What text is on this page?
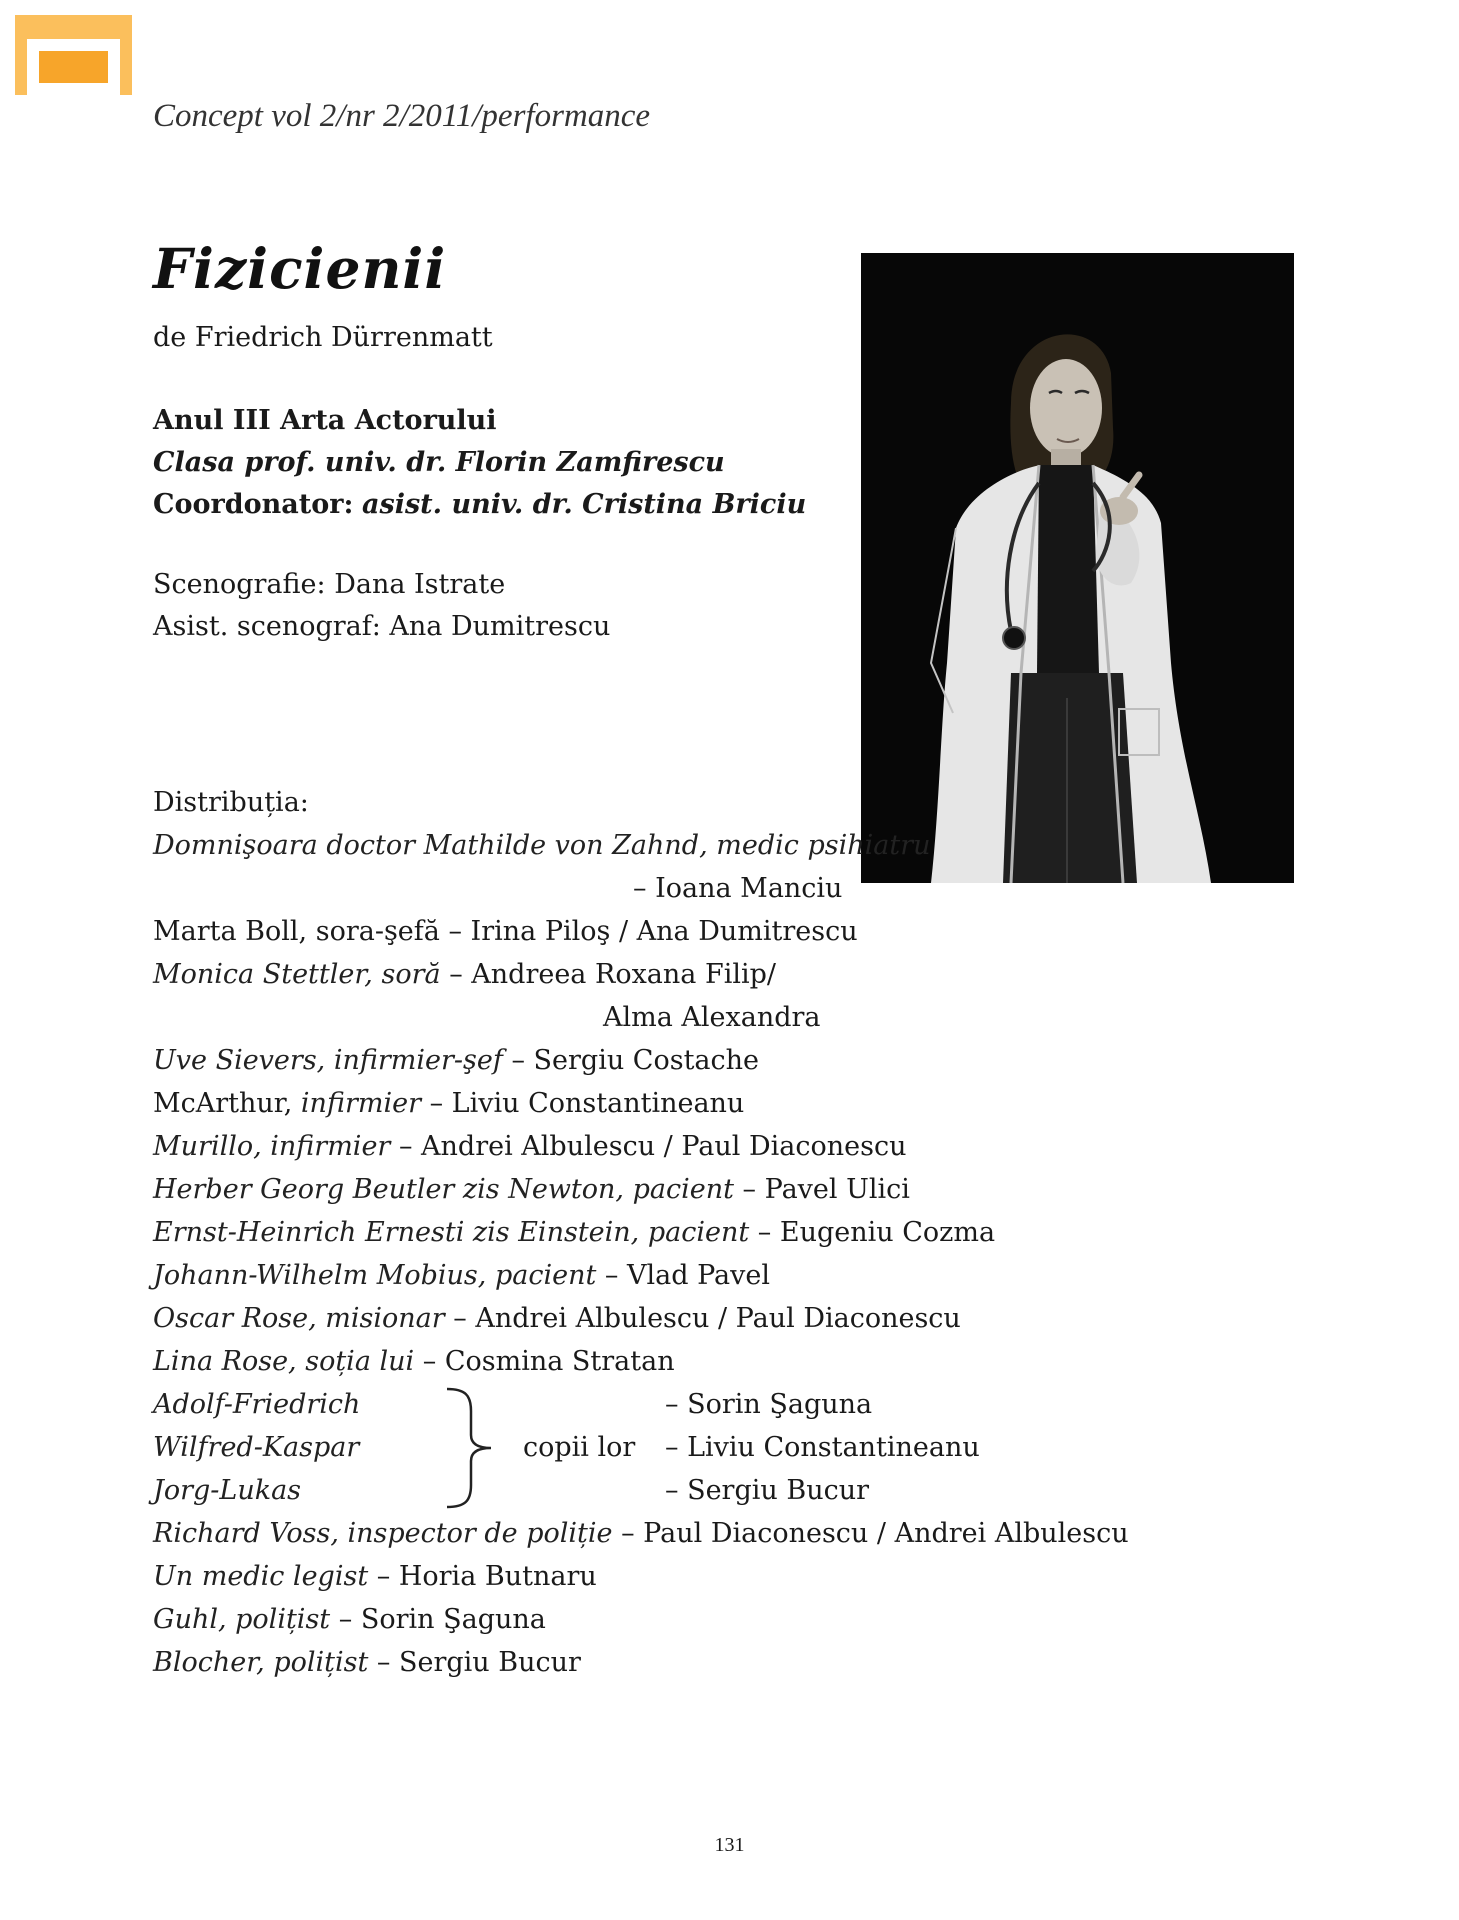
Concept vol 2/nr 2/2011/performance
Fizicienii
de Friedrich Dürrenmatt
Anul III Arta Actorului
Clasa prof. univ. dr. Florin Zamfirescu
Coordonator: asist. univ. dr. Cristina Briciu
Scenografie: Dana Istrate
Asist. scenograf: Ana Dumitrescu
Distribuția:
Domnişoara doctor Mathilde von Zahnd, medic psihiatru
– Ioana Manciu
Marta Boll, sora-şefă – Irina Piloş / Ana Dumitrescu
Monica Stettler, soră – Andreea Roxana Filip/
Alma Alexandra
Uve Sievers, infirmier-şef – Sergiu Costache
McArthur, infirmier – Liviu Constantineanu
Murillo, infirmier – Andrei Albulescu / Paul Diaconescu
Herber Georg Beutler zis Newton, pacient – Pavel Ulici
Ernst-Heinrich Ernesti zis Einstein, pacient – Eugeniu Cozma
Johann-Wilhelm Mobius, pacient – Vlad Pavel
Oscar Rose, misionar – Andrei Albulescu / Paul Diaconescu
Lina Rose, soția lui – Cosmina Stratan
Adolf-Friedrich	– Sorin Şaguna
Wilfred-Kaspar	copii lor – Liviu Constantineanu
Jorg-Lukas	– Sergiu Bucur
Richard Voss, inspector de poliție – Paul Diaconescu / Andrei Albulescu
Un medic legist – Horia Butnaru
Guhl, polițist – Sorin Şaguna
Blocher, polițist – Sergiu Bucur
131
